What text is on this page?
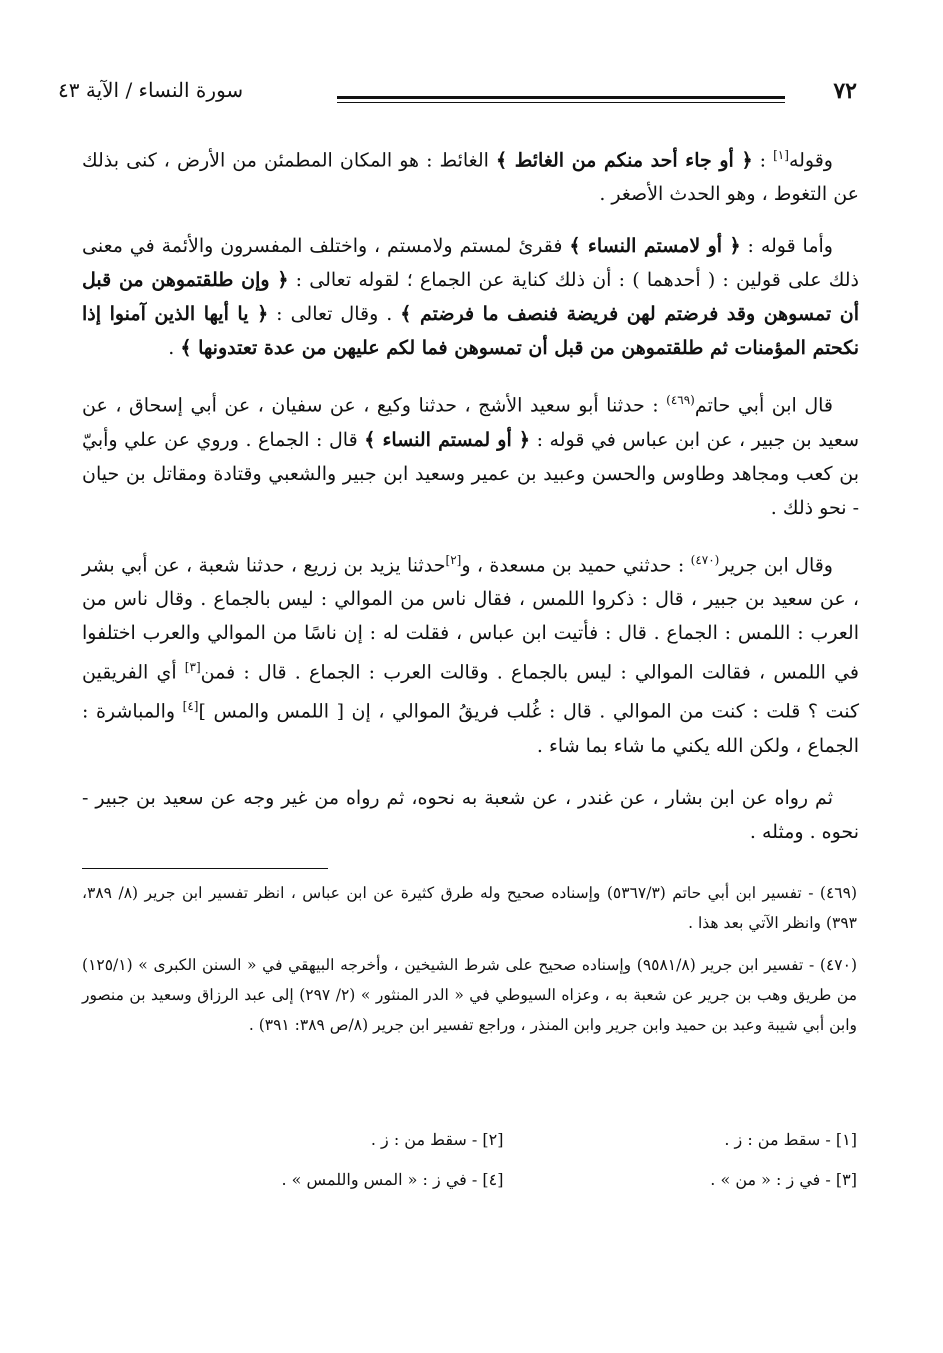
٧٢
سورة النساء / الآية ٤٣

وقوله[١] : ﴿ أو جاء أحد منكم من الغائط ﴾ الغائط : هو المكان المطمئن من الأرض ، كنى بذلك عن التغوط ، وهو الحدث الأصغر .

وأما قوله : ﴿ أو لامستم النساء ﴾ فقرئ لمستم ولامستم ، واختلف المفسرون والأئمة في معنى ذلك على قولين : ( أحدهما ) : أن ذلك كناية عن الجماع ؛ لقوله تعالى : ﴿ وإن طلقتموهن من قبل أن تمسوهن وقد فرضتم لهن فريضة فنصف ما فرضتم ﴾ . وقال تعالى : ﴿ يا أيها الذين آمنوا إذا نكحتم المؤمنات ثم طلقتموهن من قبل أن تمسوهن فما لكم عليهن من عدة تعتدونها ﴾ .

قال ابن أبي حاتم$^{(٤٦٩)}$ : حدثنا أبو سعيد الأشج ، حدثنا وكيع ، عن سفيان ، عن أبي إسحاق ، عن سعيد بن جبير ، عن ابن عباس في قوله : ﴿ أو لمستم النساء ﴾ قال : الجماع . وروي عن علي وأبيّ بن كعب ومجاهد وطاوس والحسن وعبيد بن عمير وسعيد ابن جبير والشعبي وقتادة ومقاتل بن حيان - نحو ذلك .

وقال ابن جرير$^{(٤٧٠)}$ : حدثني حميد بن مسعدة ، و[٢]حدثنا يزيد بن زريع ، حدثنا شعبة ، عن أبي بشر ، عن سعيد بن جبير ، قال : ذكروا اللمس ، فقال ناس من الموالي : ليس بالجماع . وقال ناس من العرب : اللمس : الجماع . قال : فأتيت ابن عباس ، فقلت له : إن ناسًا من الموالي والعرب اختلفوا في اللمس ، فقالت الموالي : ليس بالجماع . وقالت العرب : الجماع . قال : فمن[٣] أي الفريقين كنت ؟ قلت : كنت من الموالي . قال : غُلب فريقُ الموالي ، إن [ اللمس والمس ][٤] والمباشرة : الجماع ، ولكن الله يكني ما شاء بما شاء .

ثم رواه عن ابن بشار ، عن غندر ، عن شعبة به نحوه، ثم رواه من غير وجه عن سعيد بن جبير - نحوه . ومثله .

(٤٦٩) - تفسير ابن أبي حاتم (٥٣٦٧/٣) وإسناده صحيح وله طرق كثيرة عن ابن عباس ، انظر تفسير ابن جرير (٨/ ٣٨٩، ٣٩٣) وانظر الآتي بعد هذا .

(٤٧٠) - تفسير ابن جرير (٩٥٨١/٨) وإسناده صحيح على شرط الشيخين ، وأخرجه البيهقي في « السنن الكبرى » (١٢٥/١) من طريق وهب بن جرير عن شعبة به ، وعزاه السيوطي في « الدر المنثور » (٢/ ٢٩٧) إلى عبد الرزاق وسعيد بن منصور وابن أبي شيبة وعبد بن حميد وابن جرير وابن المنذر ، وراجع تفسير ابن جرير (٨/ص ٣٨٩: ٣٩١) .

[١] - سقط من : ز .
[٢] - سقط من : ز .
[٣] - في ز : « من » .
[٤] - في ز : « المس واللمس » .
